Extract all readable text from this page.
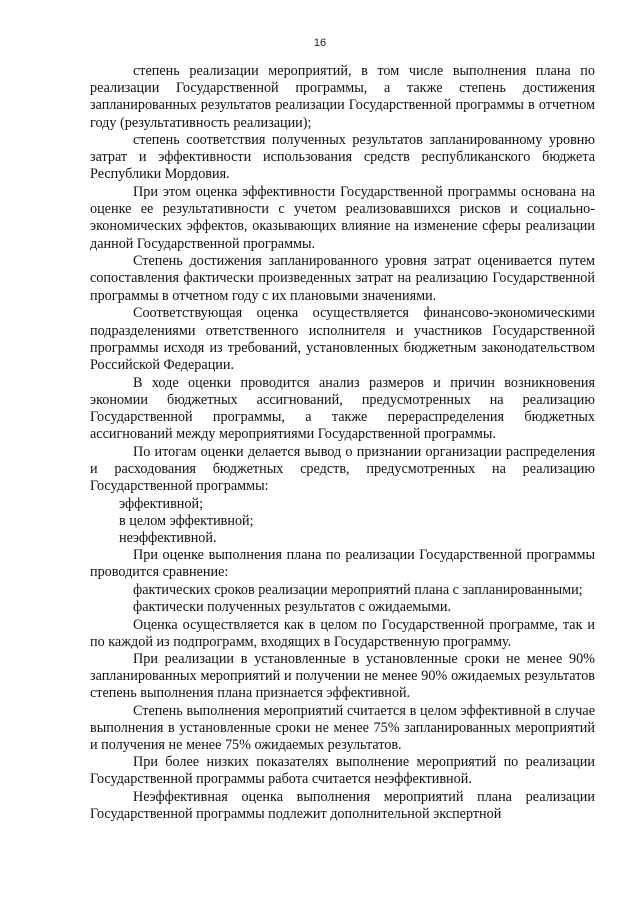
16

степень реализации мероприятий, в том числе выполнения плана по реализации Государственной программы, а также степень достижения запланированных результатов реализации Государственной программы в отчетном году (результативность реализации);

степень соответствия полученных результатов запланированному уровню затрат и эффективности использования средств республиканского бюджета Республики Мордовия.

При этом оценка эффективности Государственной программы основана на оценке ее результативности с учетом реализовавшихся рисков и социально-экономических эффектов, оказывающих влияние на изменение сферы реализации данной Государственной программы.

Степень достижения запланированного уровня затрат оценивается путем сопоставления фактически произведенных затрат на реализацию Государственной программы в отчетном году с их плановыми значениями.

Соответствующая оценка осуществляется финансово-экономическими подразделениями ответственного исполнителя и участников Государственной программы исходя из требований, установленных бюджетным законодательством Российской Федерации.

В ходе оценки проводится анализ размеров и причин возникновения экономии бюджетных ассигнований, предусмотренных на реализацию Государственной программы, а также перераспределения бюджетных ассигнований между мероприятиями Государственной программы.

По итогам оценки делается вывод о признании организации распределения и расходования бюджетных средств, предусмотренных на реализацию Государственной программы:

эффективной;

в целом эффективной;

неэффективной.

При оценке выполнения плана по реализации Государственной программы проводится сравнение:

фактических сроков реализации мероприятий плана с запланированными;

фактически полученных результатов с ожидаемыми.

Оценка осуществляется как в целом по Государственной программе, так и по каждой из подпрограмм, входящих в Государственную программу.

При реализации в установленные в установленные сроки не менее 90% запланированных мероприятий и получении не менее 90% ожидаемых результатов степень выполнения плана признается эффективной.

Степень выполнения мероприятий считается в целом эффективной в случае выполнения в установленные сроки не менее 75% запланированных мероприятий и получения не менее 75% ожидаемых результатов.

При более низких показателях выполнение мероприятий по реализации Государственной программы работа считается неэффективной.

Неэффективная оценка выполнения мероприятий плана реализации Государственной программы подлежит дополнительной экспертной
